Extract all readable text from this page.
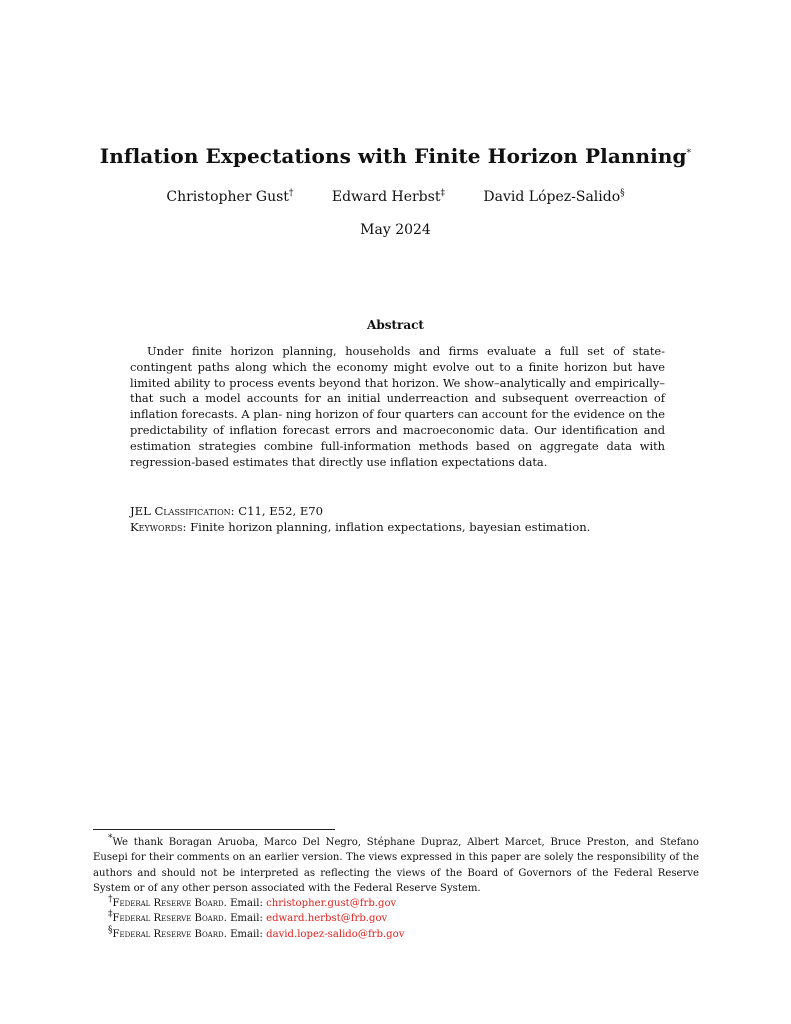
Inflation Expectations with Finite Horizon Planning*
Christopher Gust†	Edward Herbst‡	David López-Salido§
May 2024
Abstract
Under finite horizon planning, households and firms evaluate a full set of state-contingent paths along which the economy might evolve out to a finite horizon but have limited ability to process events beyond that horizon. We show–analytically and empirically–that such a model accounts for an initial underreaction and subsequent overreaction of inflation forecasts. A plan- ning horizon of four quarters can account for the evidence on the predictability of inflation forecast errors and macroeconomic data. Our identification and estimation strategies combine full-information methods based on aggregate data with regression-based estimates that directly use inflation expectations data.
JEL Classification: C11, E52, E70
Keywords: Finite horizon planning, inflation expectations, bayesian estimation.

*We thank Boragan Aruoba, Marco Del Negro, Stéphane Dupraz, Albert Marcet, Bruce Preston, and Stefano Eusepi for their comments on an earlier version. The views expressed in this paper are solely the responsibility of the authors and should not be interpreted as reflecting the views of the Board of Governors of the Federal Reserve System or of any other person associated with the Federal Reserve System.

†Federal Reserve Board. Email: christopher.gust@frb.gov

‡Federal Reserve Board. Email: edward.herbst@frb.gov

§Federal Reserve Board. Email: david.lopez-salido@frb.gov
